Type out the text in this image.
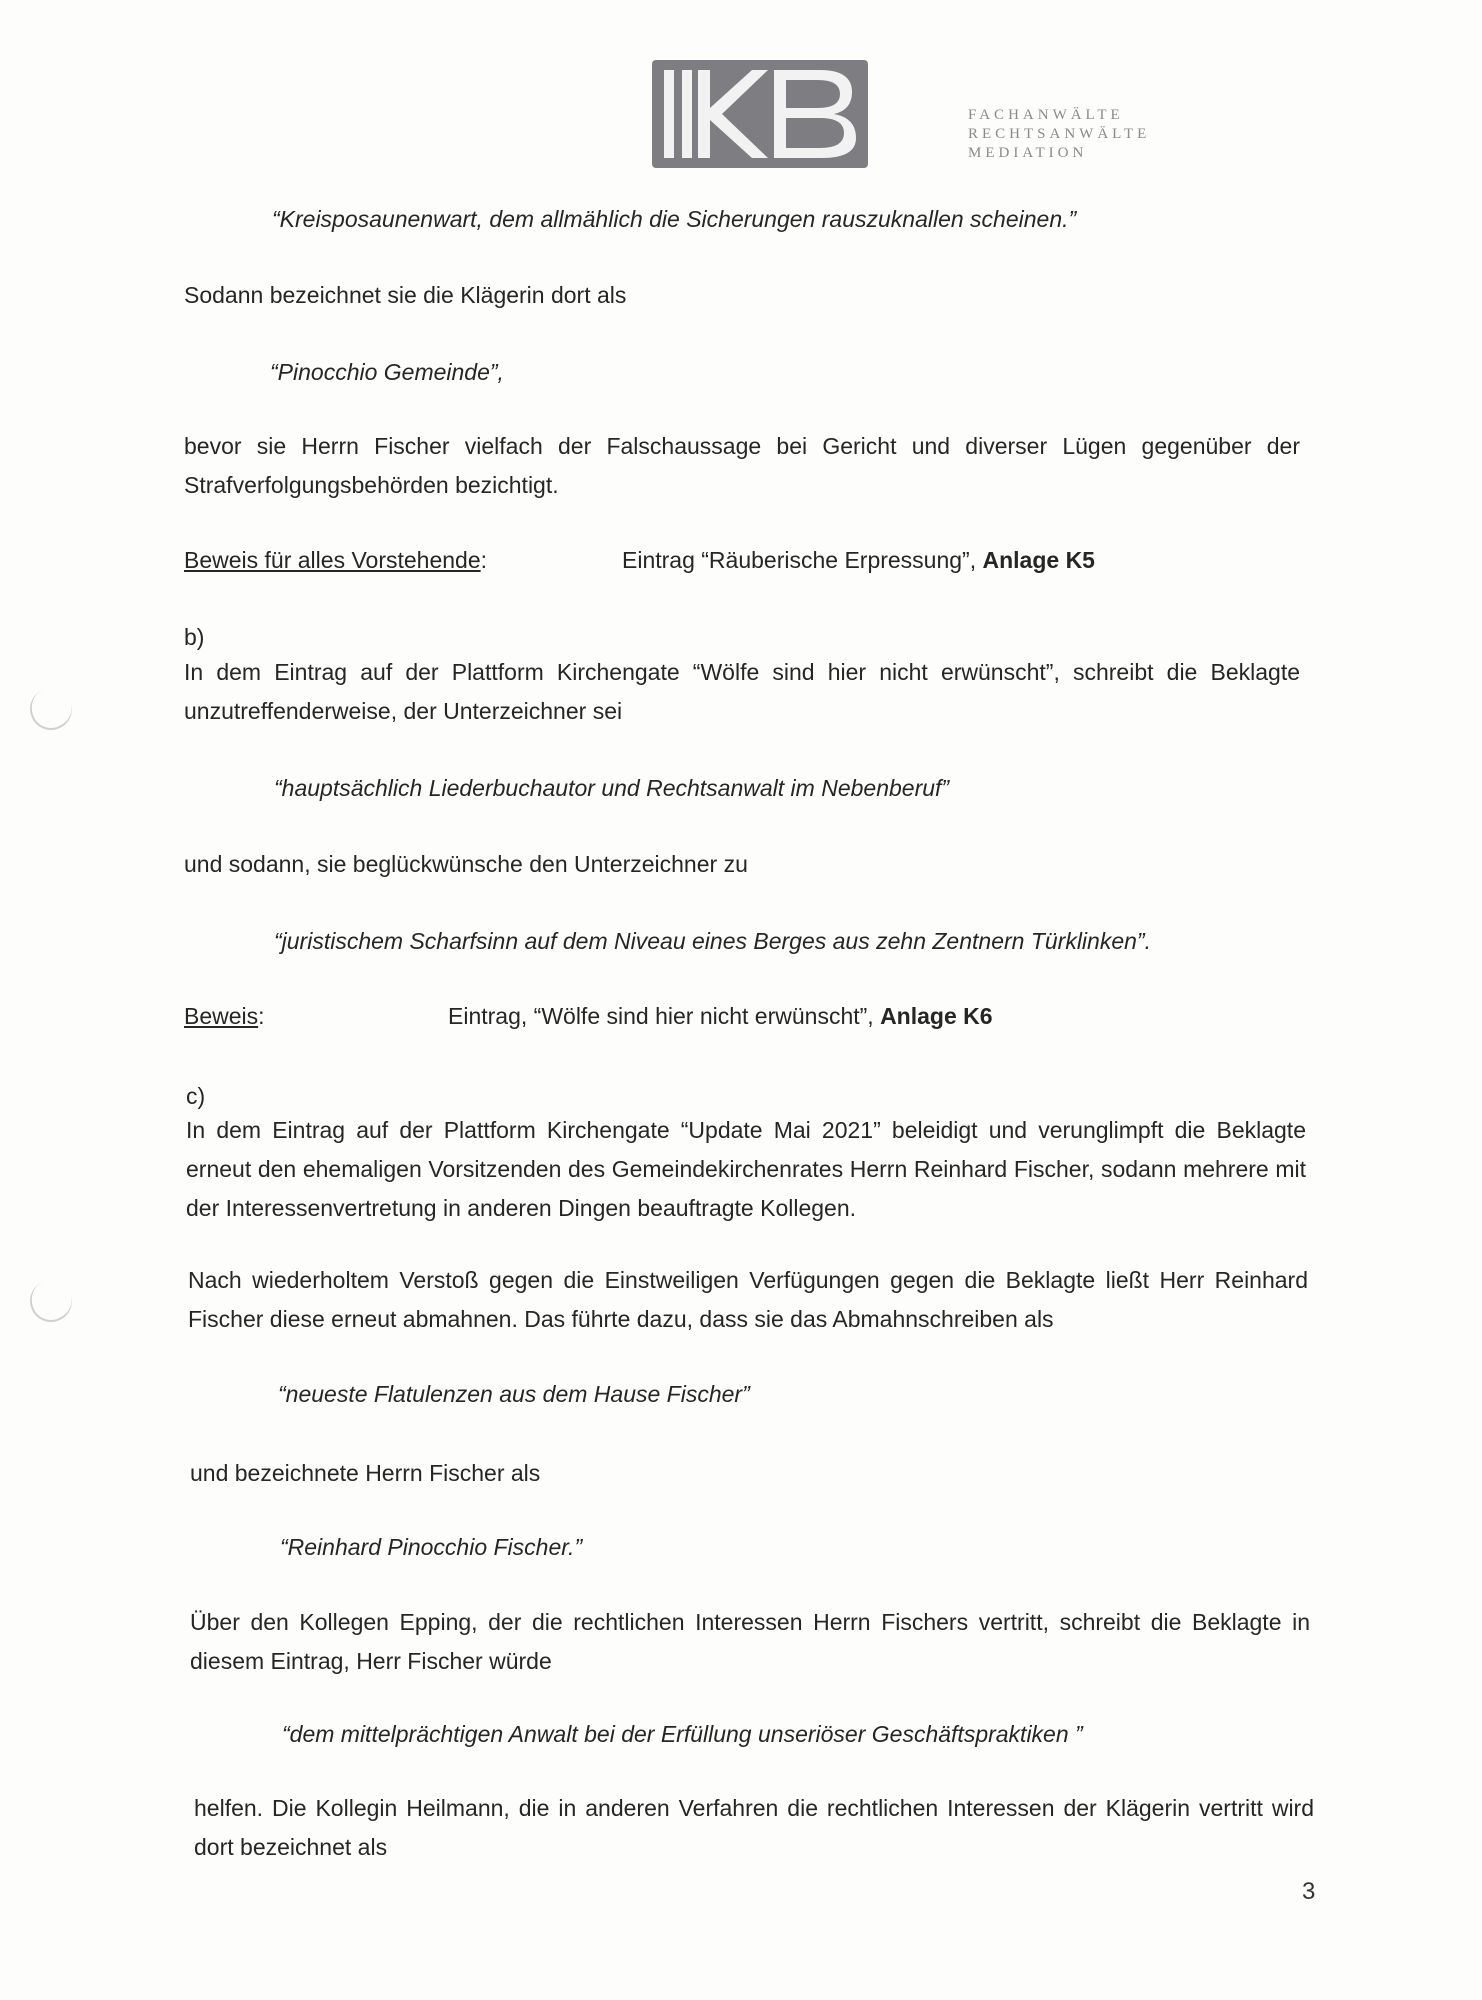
FACHANWÄLTE
RECHTSANWÄLTE
MEDIATION
“Kreisposaunenwart, dem allmählich die Sicherungen rauszuknallen scheinen.”
Sodann bezeichnet sie die Klägerin dort als
“Pinocchio Gemeinde”,
bevor sie Herrn Fischer vielfach der Falschaussage bei Gericht und diverser Lügen gegenüber der Strafverfolgungsbehörden bezichtigt.
Beweis für alles Vorstehende:	Eintrag “Räuberische Erpressung”, Anlage K5
b)
In dem Eintrag auf der Plattform Kirchengate “Wölfe sind hier nicht erwünscht”, schreibt die Beklagte unzutreffenderweise, der Unterzeichner sei
“hauptsächlich Liederbuchautor und Rechtsanwalt im Nebenberuf”
und sodann, sie beglückwünsche den Unterzeichner zu
“juristischem Scharfsinn auf dem Niveau eines Berges aus zehn Zentnern Türklinken”.
Beweis:	Eintrag, “Wölfe sind hier nicht erwünscht”, Anlage K6
c)
In dem Eintrag auf der Plattform Kirchengate “Update Mai 2021” beleidigt und verunglimpft die Beklagte erneut den ehemaligen Vorsitzenden des Gemeindekirchenrates Herrn Reinhard Fischer, sodann mehrere mit der Interessenvertretung in anderen Dingen beauftragte Kollegen.
Nach wiederholtem Verstoß gegen die Einstweiligen Verfügungen gegen die Beklagte ließt Herr Reinhard Fischer diese erneut abmahnen. Das führte dazu, dass sie das Abmahnschreiben als
“neueste Flatulenzen aus dem Hause Fischer”
und bezeichnete Herrn Fischer als
“Reinhard Pinocchio Fischer.”
Über den Kollegen Epping, der die rechtlichen Interessen Herrn Fischers vertritt, schreibt die Beklagte in diesem Eintrag, Herr Fischer würde
“dem mittelprächtigen Anwalt bei der Erfüllung unseriöser Geschäftspraktiken ”
helfen. Die Kollegin Heilmann, die in anderen Verfahren die rechtlichen Interessen der Klägerin vertritt wird dort bezeichnet als
3
